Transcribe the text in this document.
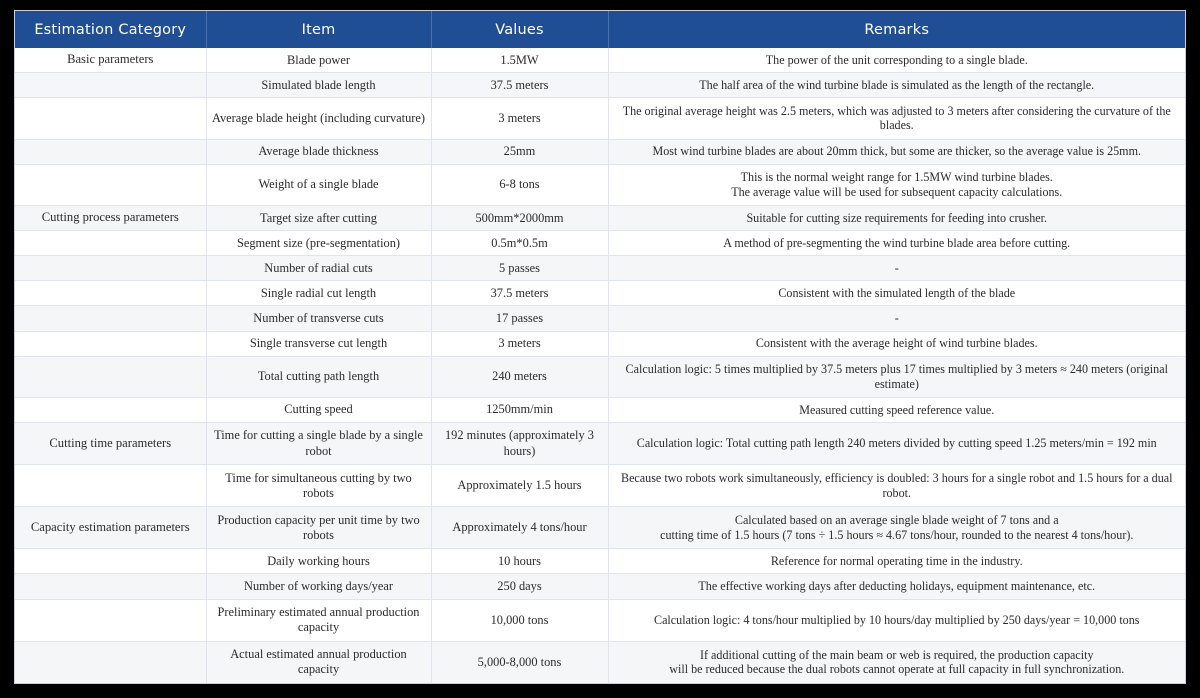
Estimation Category	Item	Values	Remarks
Basic parameters	Blade power	1.5MW	The power of the unit corresponding to a single blade.

	Simulated blade length	37.5 meters	The half area of the wind turbine blade is simulated as the length of the rectangle.

	Average blade height (including curvature)	3 meters	The original average height was 2.5 meters, which was adjusted to 3 meters after considering the curvature of the blades.

	Average blade thickness	25mm	Most wind turbine blades are about 20mm thick, but some are thicker, so the average value is 25mm.

	Weight of a single blade	6-8 tons	This is the normal weight range for 1.5MW wind turbine blades.
The average value will be used for subsequent capacity calculations.

Cutting process parameters	Target size after cutting	500mm*2000mm	Suitable for cutting size requirements for feeding into crusher.

	Segment size (pre-segmentation)	0.5m*0.5m	A method of pre-segmenting the wind turbine blade area before cutting.

	Number of radial cuts	5 passes	-

	Single radial cut length	37.5 meters	Consistent with the simulated length of the blade

	Number of transverse cuts	17 passes	-

	Single transverse cut length	3 meters	Consistent with the average height of wind turbine blades.

	Total cutting path length	240 meters	Calculation logic: 5 times multiplied by 37.5 meters plus 17 times multiplied by 3 meters ≈ 240 meters (original estimate)

	Cutting speed	1250mm/min	Measured cutting speed reference value.

Cutting time parameters	Time for cutting a single blade by a single robot	192 minutes (approximately 3 hours)	Calculation logic: Total cutting path length 240 meters divided by cutting speed 1.25 meters/min = 192 min

	Time for simultaneous cutting by two robots	Approximately 1.5 hours	Because two robots work simultaneously, efficiency is doubled: 3 hours for a single robot and 1.5 hours for a dual robot.

Capacity estimation parameters	Production capacity per unit time by two robots	Approximately 4 tons/hour	Calculated based on an average single blade weight of 7 tons and a
cutting time of 1.5 hours (7 tons ÷ 1.5 hours ≈ 4.67 tons/hour, rounded to the nearest 4 tons/hour).

	Daily working hours	10 hours	Reference for normal operating time in the industry.

	Number of working days/year	250 days	The effective working days after deducting holidays, equipment maintenance, etc.

	Preliminary estimated annual production capacity	10,000 tons	Calculation logic: 4 tons/hour multiplied by 10 hours/day multiplied by 250 days/year = 10,000 tons

	Actual estimated annual production capacity	5,000-8,000 tons	If additional cutting of the main beam or web is required, the production capacity
will be reduced because the dual robots cannot operate at full capacity in full synchronization.
